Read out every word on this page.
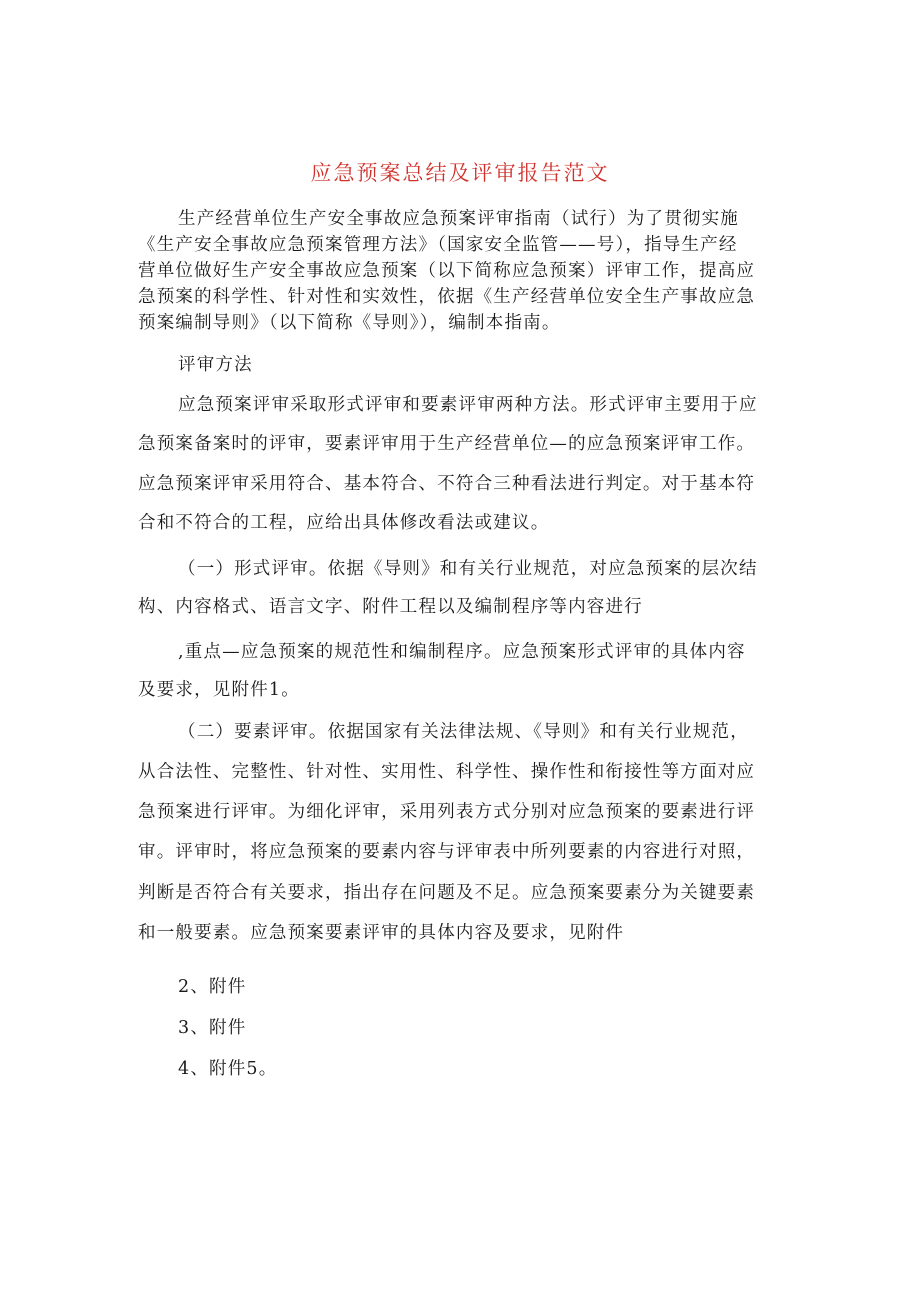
应急预案总结及评审报告范文
生产经营单位生产安全事故应急预案评审指南（试行）为了贯彻实施
《生产安全事故应急预案管理方法》（国家安全监管——号），指导生产经
营单位做好生产安全事故应急预案（以下简称应急预案）评审工作，提高应
急预案的科学性、针对性和实效性，依据《生产经营单位安全生产事故应急
预案编制导则》（以下简称《导则》），编制本指南。
评审方法
应急预案评审采取形式评审和要素评审两种方法。形式评审主要用于应
急预案备案时的评审，要素评审用于生产经营单位—的应急预案评审工作。
应急预案评审采用符合、基本符合、不符合三种看法进行判定。对于基本符
合和不符合的工程，应给出具体修改看法或建议。
（一）形式评审。依据《导则》和有关行业规范，对应急预案的层次结
构、内容格式、语言文字、附件工程以及编制程序等内容进行
,重点—应急预案的规范性和编制程序。应急预案形式评审的具体内容
及要求，见附件1。
（二）要素评审。依据国家有关法律法规、《导则》和有关行业规范，
从合法性、完整性、针对性、实用性、科学性、操作性和衔接性等方面对应
急预案进行评审。为细化评审，采用列表方式分别对应急预案的要素进行评
审。评审时，将应急预案的要素内容与评审表中所列要素的内容进行对照，
判断是否符合有关要求，指出存在问题及不足。应急预案要素分为关键要素
和一般要素。应急预案要素评审的具体内容及要求，见附件
2、附件
3、附件
4、附件5。
